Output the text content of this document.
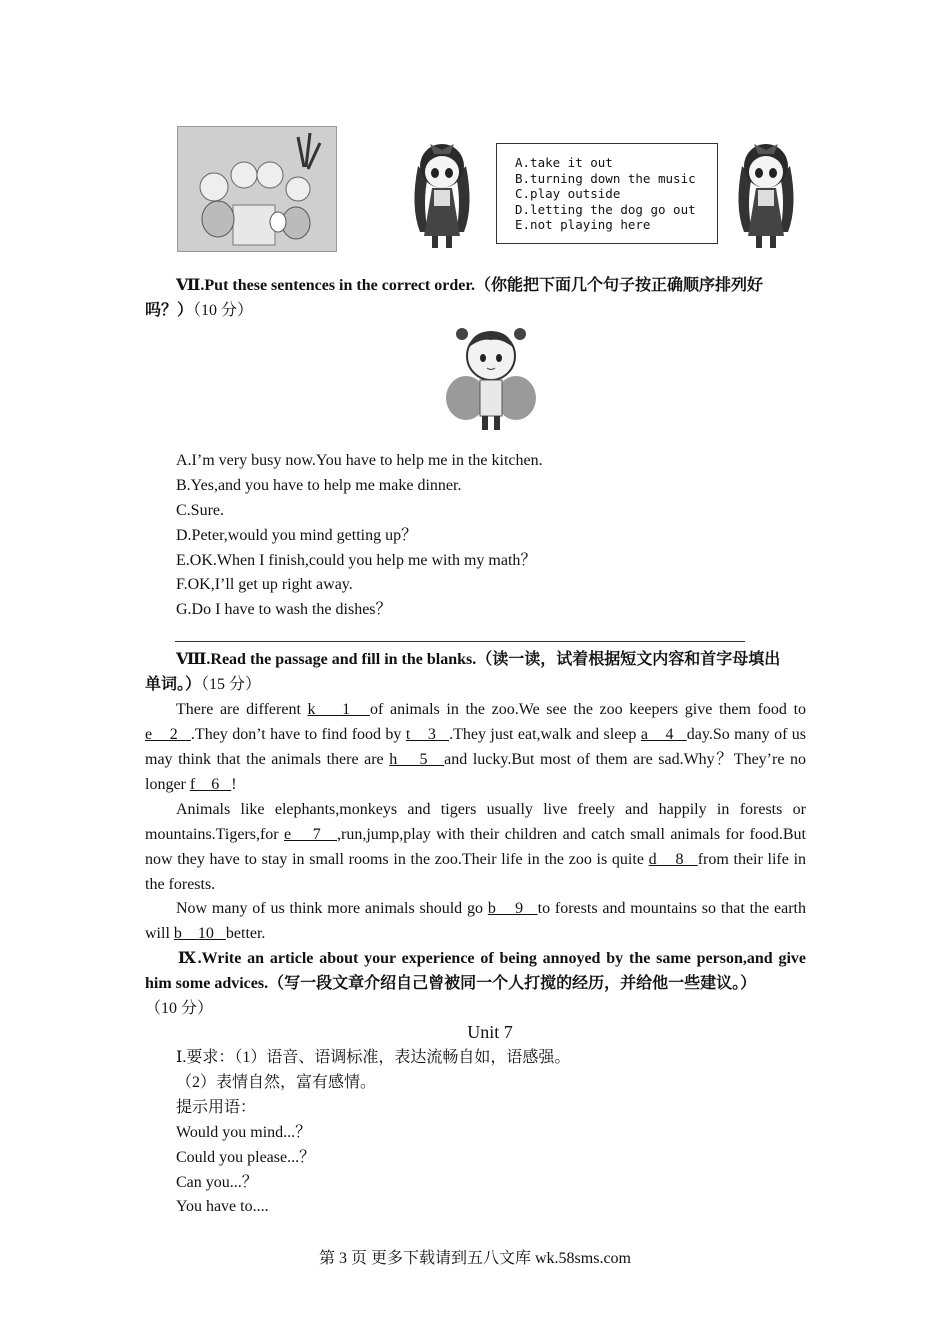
A.take it out
B.turning down the music
C.play outside
D.letting the dog go out
E.not playing here
Ⅶ.Put these sentences in the correct order.（你能把下面几个句子按正确顺序排列好
吗？）（10 分）
A.I’m very busy now.You have to help me in the kitchen.
B.Yes,and you have to help me make dinner.
C.Sure.
D.Peter,would you mind getting up？
E.OK.When I finish,could you help me with my math？
F.OK,I’ll get up right away.
G.Do I have to wash the dishes？
Ⅷ.Read the passage and fill in the blanks.（读一读，试着根据短文内容和首字母填出
单词。）（15 分）
There are different k    1   of animals in the zoo.We see the zoo keepers give them food to e    2   .They don’t have to find food by t    3   .They just eat,walk and sleep a    4   day.So many of us may think that the animals there are h    5   and lucky.But most of them are sad.Why？They’re no longer f    6   !
Animals like elephants,monkeys and tigers usually live freely and happily in forests or mountains.Tigers,for e    7   ,run,jump,play with their children and catch small animals for food.But now they have to stay in small rooms in the zoo.Their life in the zoo is quite d    8   from their life in the forests.
Now many of us think more animals should go b    9   to forests and mountains so that the earth will b    10   better.
Ⅸ.Write an article about your experience of being annoyed by the same person,and give him some advices.（写一段文章介绍自己曾被同一个人打搅的经历，并给他一些建议。）
（10 分）
Unit 7
Ⅰ.要求：（1）语音、语调标准，表达流畅自如，语感强。
（2）表情自然，富有感情。
提示用语：
Would you mind...？
Could you please...？
Can you...？
You have to....
第 3 页 更多下载请到五八文库 wk.58sms.com
